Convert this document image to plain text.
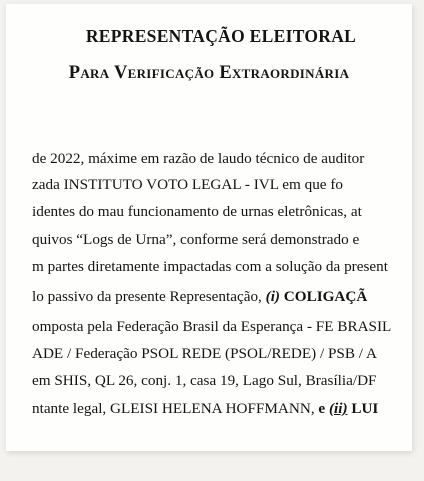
REPRESENTAÇÃO ELEITORAL
Para Verificação Extraordinária

de 2022, máxime em razão de laudo técnico de auditor

zada INSTITUTO VOTO LEGAL - IVL em que fo

identes do mau funcionamento de urnas eletrônicas, at

quivos “Logs de Urna”, conforme será demonstrado e

m partes diretamente impactadas com a solução da present

lo passivo da presente Representação, (i) COLIGAÇÃ

omposta pela Federação Brasil da Esperança - FE BRASIL

ADE / Federação PSOL REDE (PSOL/REDE) / PSB / A

em SHIS, QL 26, conj. 1, casa 19, Lago Sul, Brasília/DF

ntante legal, GLEISI HELENA HOFFMANN, e (ii) LUI
